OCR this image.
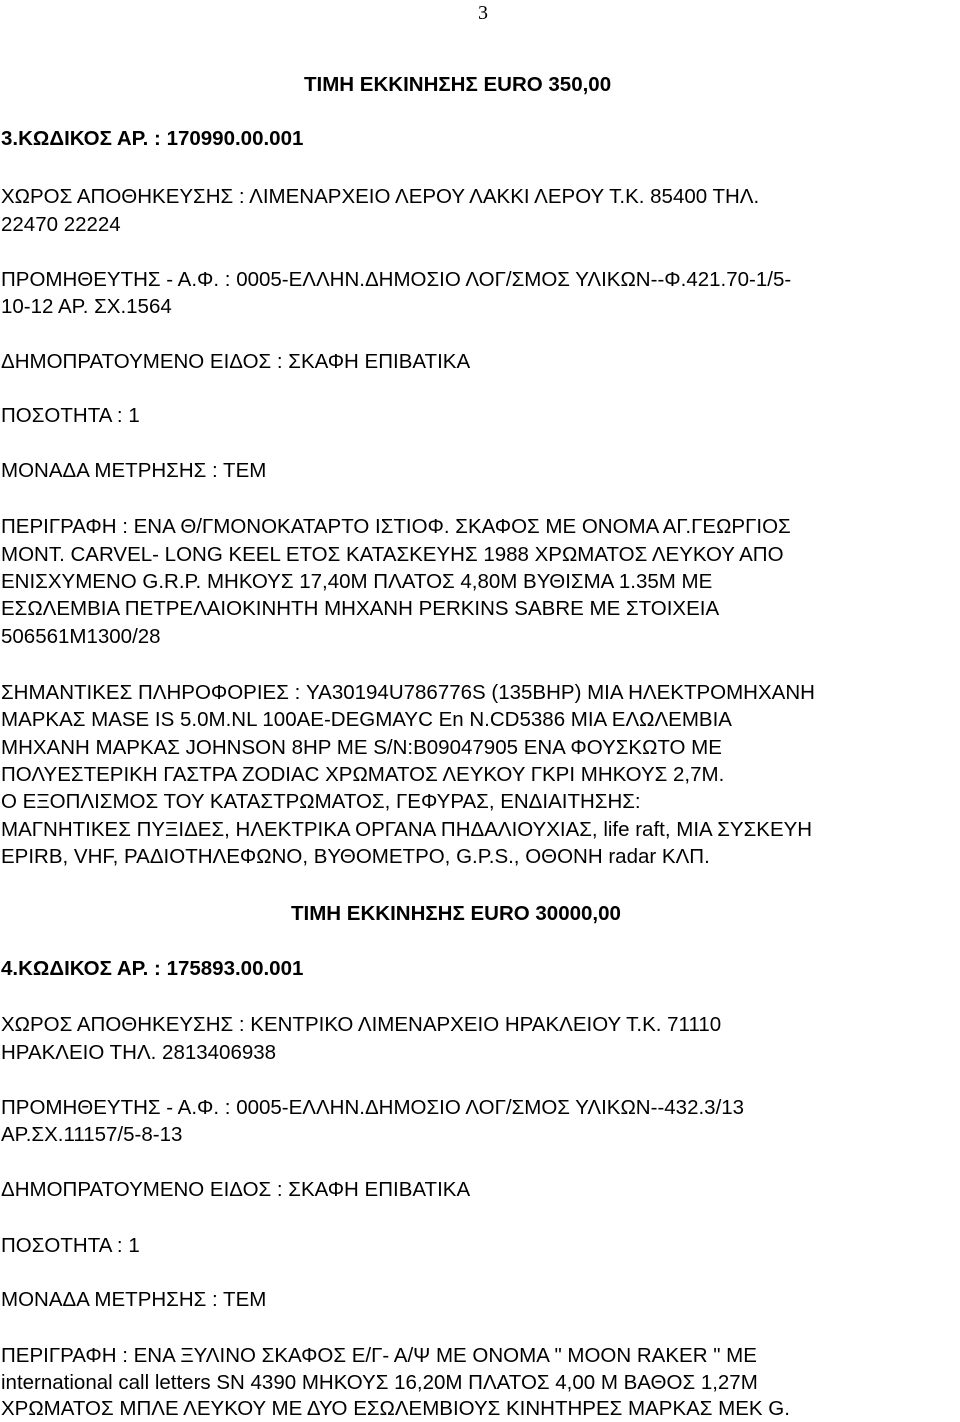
3

ΤΙΜΗ ΕΚΚΙΝΗΣΗΣ EURO 350,00

3.ΚΩΔΙΚΟΣ ΑΡ. : 170990.00.001

ΧΩΡΟΣ ΑΠΟΘΗΚΕΥΣΗΣ : ΛΙΜΕΝΑΡΧΕΙΟ ΛΕΡΟΥ ΛΑΚΚΙ ΛΕΡΟΥ Τ.Κ. 85400 ΤΗΛ.

22470 22224

ΠΡΟΜΗΘΕΥΤΗΣ - Α.Φ. : 0005-ΕΛΛΗΝ.ΔΗΜΟΣΙΟ ΛΟΓ/ΣΜΟΣ ΥΛΙΚΩΝ--Φ.421.70-1/5-

10-12 ΑΡ. ΣΧ.1564

ΔΗΜΟΠΡΑΤΟΥΜΕΝΟ ΕΙΔΟΣ : ΣΚΑΦΗ ΕΠΙΒΑΤΙΚΑ

ΠΟΣΟΤΗΤΑ : 1

ΜΟΝΑΔΑ ΜΕΤΡΗΣΗΣ : ΤΕΜ

ΠΕΡΙΓΡΑΦΗ : ΕΝΑ Θ/ΓΜΟΝΟΚΑΤΑΡΤΟ ΙΣΤΙΟΦ. ΣΚΑΦΟΣ ΜΕ ΟΝΟΜΑ ΑΓ.ΓΕΩΡΓΙΟΣ

ΜΟΝΤ. CARVEL- LONG KEEL ΕΤΟΣ ΚΑΤΑΣΚΕΥΗΣ 1988 ΧΡΩΜΑΤΟΣ ΛΕΥΚΟΥ ΑΠΟ

ΕΝΙΣΧΥΜΕΝΟ G.R.P. ΜΗΚΟΥΣ 17,40Μ ΠΛΑΤΟΣ 4,80Μ ΒΥΘΙΣΜΑ 1.35Μ ΜΕ

ΕΣΩΛΕΜΒΙΑ ΠΕΤΡΕΛΑΙΟΚΙΝΗΤΗ ΜΗΧΑΝΗ PERKINS SABRE ΜΕ ΣΤΟΙΧΕΙΑ

506561M1300/28

ΣΗΜΑΝΤΙΚΕΣ ΠΛΗΡΟΦΟΡΙΕΣ : YA30194U786776S (135BHP) ΜΙΑ ΗΛΕΚΤΡΟΜΗΧΑΝΗ

ΜΑΡΚΑΣ MASE IS 5.0M.NL 100AE-DEGMAYC En N.CD5386 ΜΙΑ ΕΛΩΛΕΜΒΙΑ

ΜΗΧΑΝΗ ΜΑΡΚΑΣ JOHNSON 8HP ΜΕ S/N:B09047905 ΕΝΑ ΦΟΥΣΚΩΤΟ ΜΕ

ΠΟΛΥΕΣΤΕΡΙΚΗ ΓΑΣΤΡΑ ZODIAC ΧΡΩΜΑΤΟΣ ΛΕΥΚΟΥ ΓΚΡΙ ΜΗΚΟΥΣ 2,7Μ.

Ο ΕΞΟΠΛΙΣΜΟΣ ΤΟΥ ΚΑΤΑΣΤΡΩΜΑΤΟΣ, ΓΕΦΥΡΑΣ, ΕΝΔΙΑΙΤΗΣΗΣ:

ΜΑΓΝΗΤΙΚΕΣ ΠΥΞΙΔΕΣ, ΗΛΕΚΤΡΙΚΑ ΟΡΓΑΝΑ ΠΗΔΑΛΙΟΥΧΙΑΣ, life raft, ΜΙΑ ΣΥΣΚΕΥΗ

EPIRB, VHF, ΡΑΔΙΟΤΗΛΕΦΩΝΟ, ΒΥΘΟΜΕΤΡΟ, G.P.S., ΟΘΟΝΗ radar ΚΛΠ.

ΤΙΜΗ ΕΚΚΙΝΗΣΗΣ EURO 30000,00

4.ΚΩΔΙΚΟΣ ΑΡ. : 175893.00.001

ΧΩΡΟΣ ΑΠΟΘΗΚΕΥΣΗΣ : ΚΕΝΤΡΙΚΟ ΛΙΜΕΝΑΡΧΕΙΟ ΗΡΑΚΛΕΙΟΥ Τ.Κ. 71110

ΗΡΑΚΛΕΙΟ ΤΗΛ. 2813406938

ΠΡΟΜΗΘΕΥΤΗΣ - Α.Φ. : 0005-ΕΛΛΗΝ.ΔΗΜΟΣΙΟ ΛΟΓ/ΣΜΟΣ ΥΛΙΚΩΝ--432.3/13

ΑΡ.ΣΧ.11157/5-8-13

ΔΗΜΟΠΡΑΤΟΥΜΕΝΟ ΕΙΔΟΣ : ΣΚΑΦΗ ΕΠΙΒΑΤΙΚΑ

ΠΟΣΟΤΗΤΑ : 1

ΜΟΝΑΔΑ ΜΕΤΡΗΣΗΣ : ΤΕΜ

ΠΕΡΙΓΡΑΦΗ : ΕΝΑ ΞΥΛΙΝΟ ΣΚΑΦΟΣ Ε/Γ- Α/Ψ ΜΕ ΟΝΟΜΑ " MOON RAKER " ΜΕ

international call letters SN 4390 ΜΗΚΟΥΣ 16,20Μ ΠΛΑΤΟΣ 4,00 Μ ΒΑΘΟΣ 1,27Μ

ΧΡΩΜΑΤΟΣ ΜΠΛΕ ΛΕΥΚΟΥ ΜΕ ΔΥΟ ΕΣΩΛΕΜΒΙΟΥΣ ΚΙΝΗΤΗΡΕΣ ΜΑΡΚΑΣ ΜΕΚ G.
